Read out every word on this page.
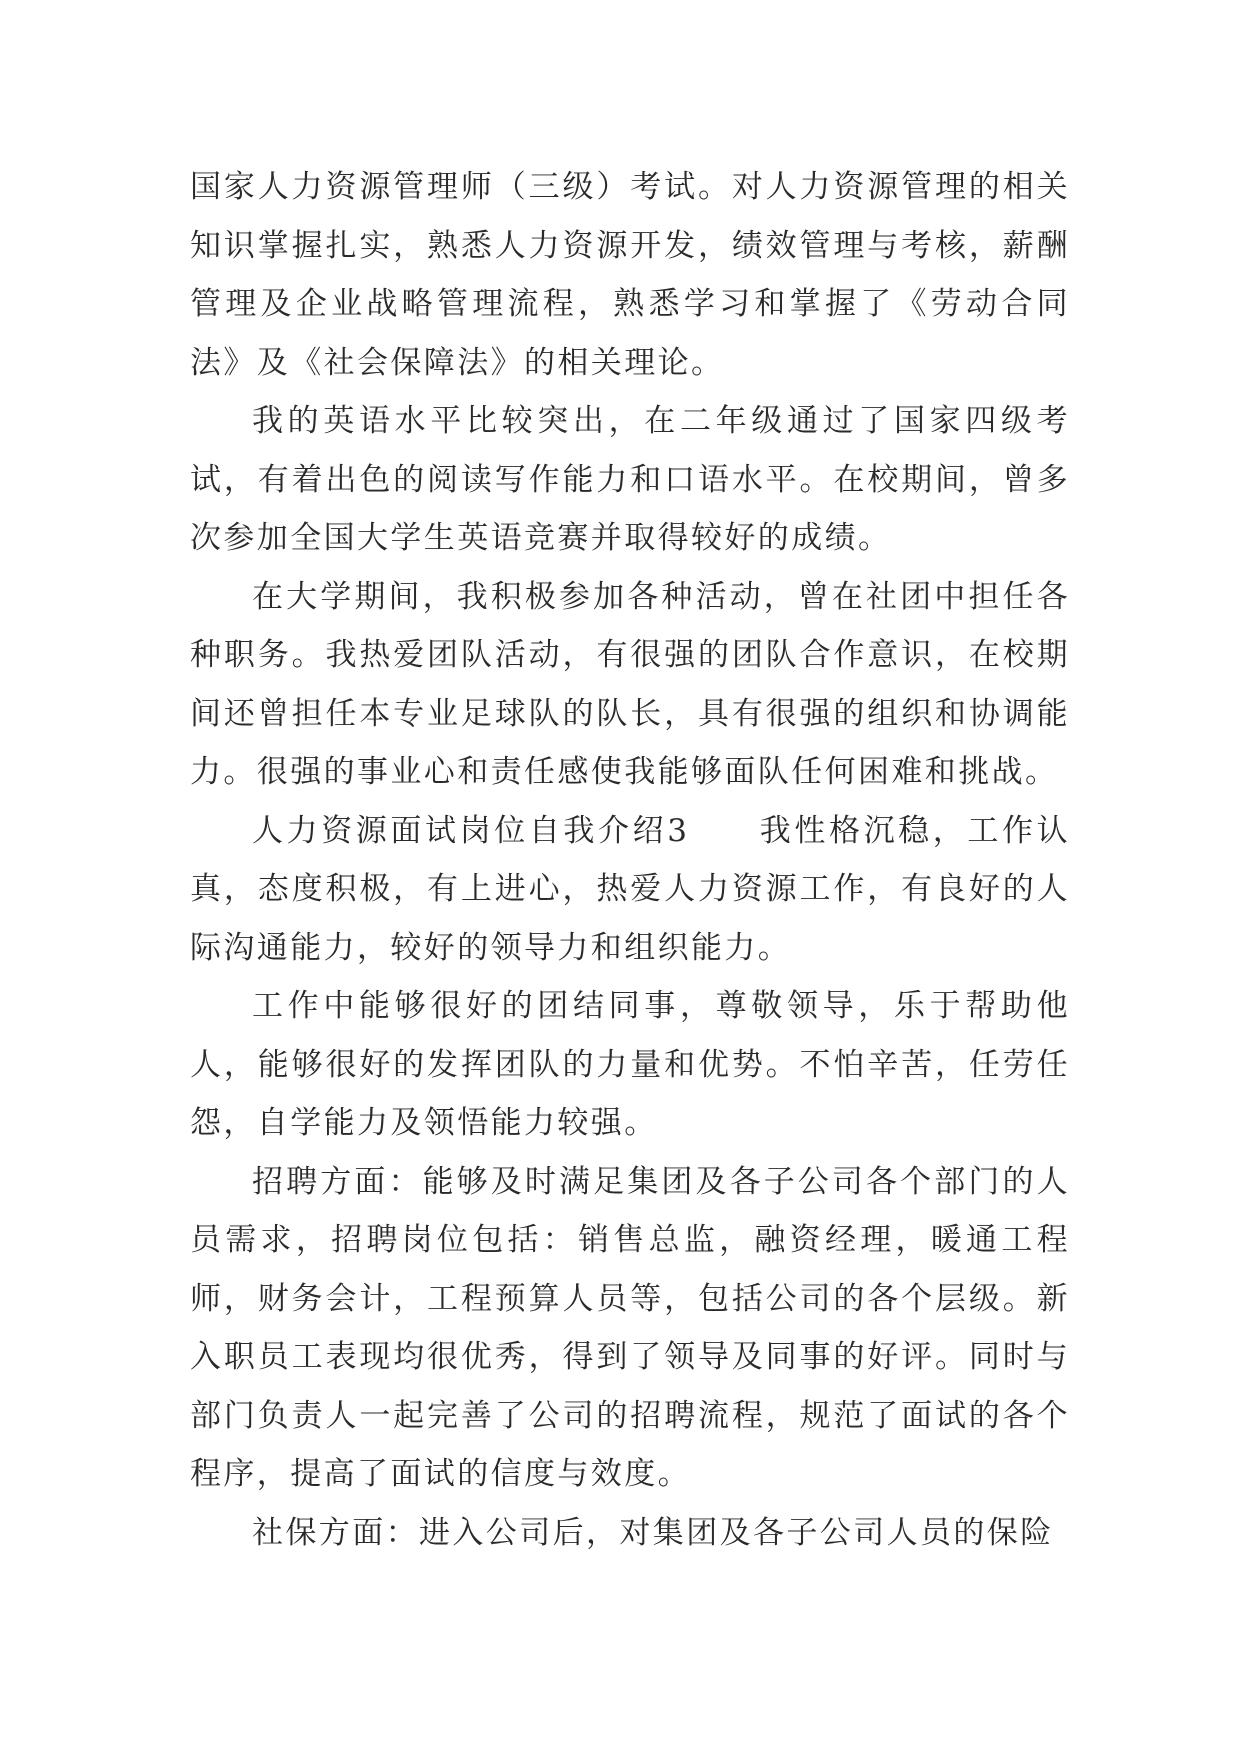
国家人力资源管理师（三级）考试。对人力资源管理的相关知识掌握扎实，熟悉人力资源开发，绩效管理与考核，薪酬管理及企业战略管理流程，熟悉学习和掌握了《劳动合同法》及《社会保障法》的相关理论。

我的英语水平比较突出，在二年级通过了国家四级考试，有着出色的阅读写作能力和口语水平。在校期间，曾多次参加全国大学生英语竞赛并取得较好的成绩。

在大学期间，我积极参加各种活动，曾在社团中担任各种职务。我热爱团队活动，有很强的团队合作意识，在校期间还曾担任本专业足球队的队长，具有很强的组织和协调能力。很强的事业心和责任感使我能够面队任何困难和挑战。

人力资源面试岗位自我介绍3　　我性格沉稳，工作认真，态度积极，有上进心，热爱人力资源工作，有良好的人际沟通能力，较好的领导力和组织能力。

工作中能够很好的团结同事，尊敬领导，乐于帮助他人，能够很好的发挥团队的力量和优势。不怕辛苦，任劳任怨，自学能力及领悟能力较强。

招聘方面：能够及时满足集团及各子公司各个部门的人员需求，招聘岗位包括：销售总监，融资经理，暖通工程师，财务会计，工程预算人员等，包括公司的各个层级。新入职员工表现均很优秀，得到了领导及同事的好评。同时与部门负责人一起完善了公司的招聘流程，规范了面试的各个程序，提高了面试的信度与效度。

社保方面：进入公司后，对集团及各子公司人员的保险
